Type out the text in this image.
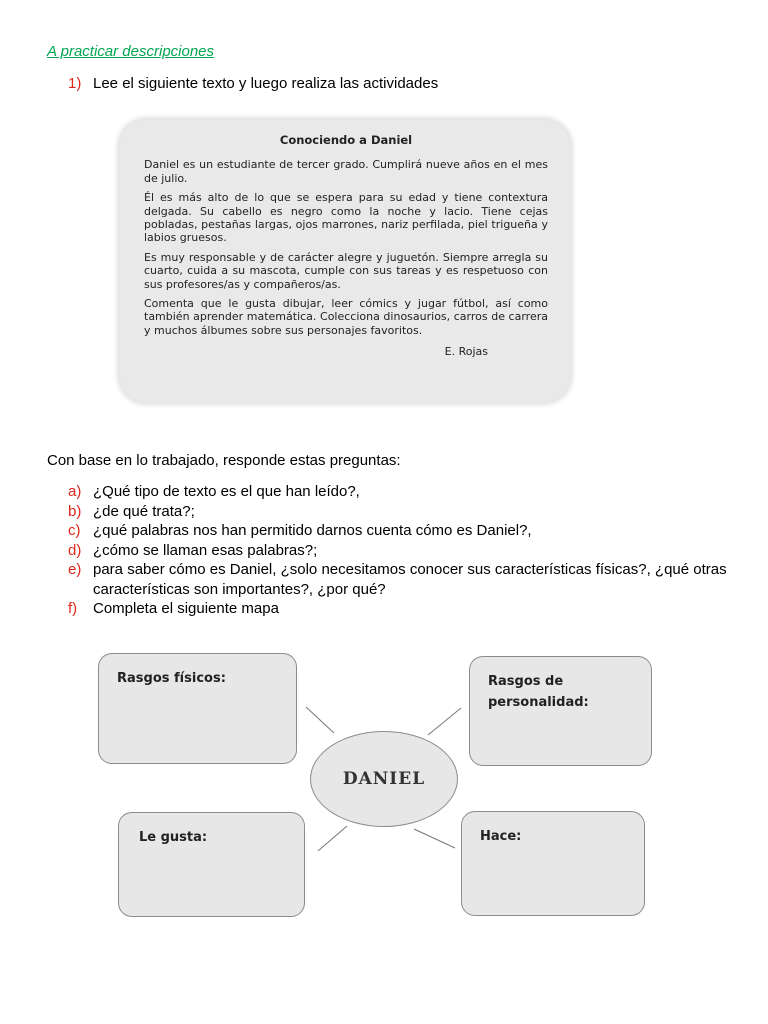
A practicar descripciones
1) Lee el siguiente texto y luego realiza las actividades
Conociendo a Daniel

Daniel es un estudiante de tercer grado. Cumplirá nueve años en el mes de julio.

Él es más alto de lo que se espera para su edad y tiene contextura delgada. Su cabello es negro como la noche y lacio. Tiene cejas pobladas, pestañas largas, ojos marrones, nariz perfilada, piel trigueña y labios gruesos.

Es muy responsable y de carácter alegre y juguetón. Siempre arregla su cuarto, cuida a su mascota, cumple con sus tareas y es respetuoso con sus profesores/as y compañeros/as.

Comenta que le gusta dibujar, leer cómics y jugar fútbol, así como también aprender matemática. Colecciona dinosaurios, carros de carrera y muchos álbumes sobre sus personajes favoritos.

E. Rojas
Con base en lo trabajado, responde estas preguntas:
a) ¿Qué tipo de texto es el que han leído?,
b) ¿de qué trata?;
c) ¿qué palabras nos han permitido darnos cuenta cómo es Daniel?,
d) ¿cómo se llaman esas palabras?;
e) para saber cómo es Daniel, ¿solo necesitamos conocer sus características físicas?, ¿qué otras características son importantes?, ¿por qué?
f) Completa el siguiente mapa
Rasgos físicos:	Rasgos de personalidad:
Le gusta:	Hace:
DANIEL
